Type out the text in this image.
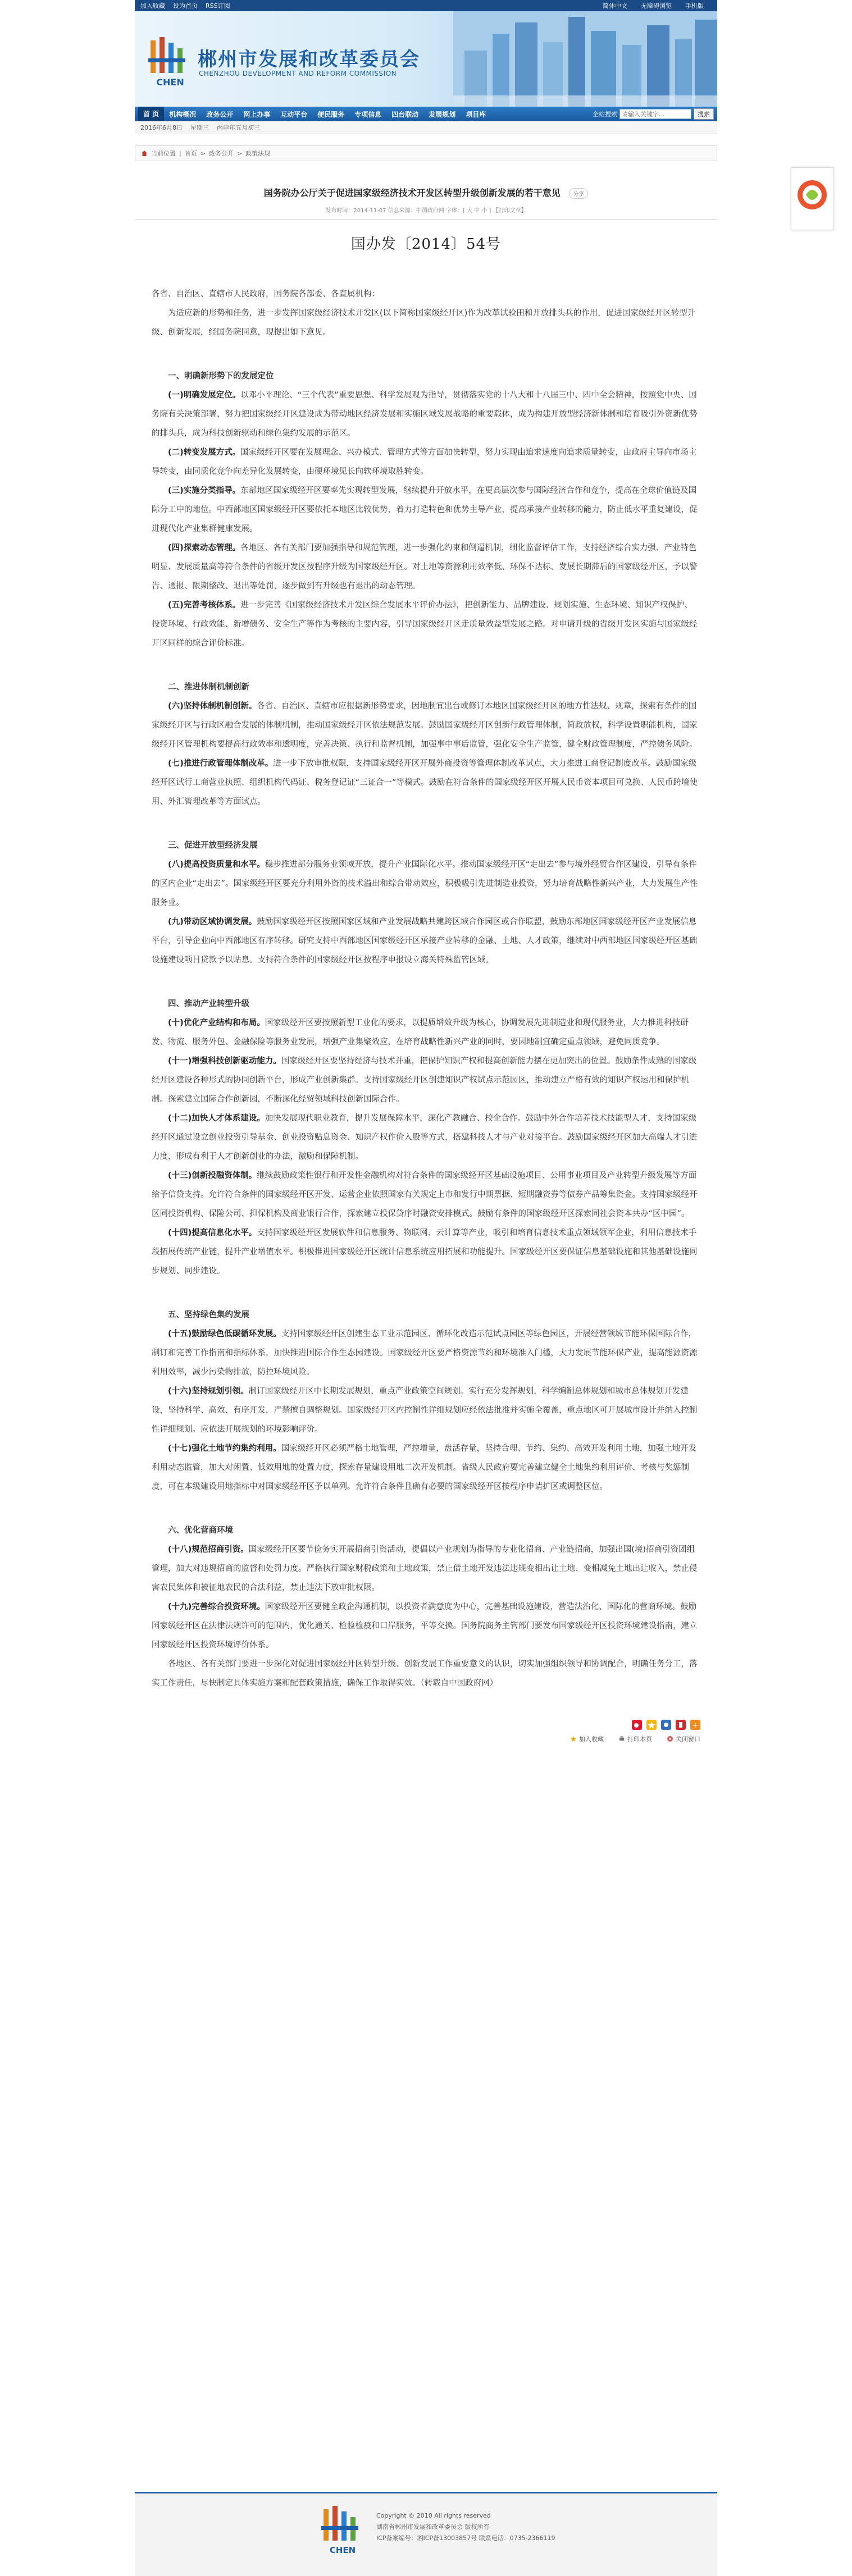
加入收藏 设为首页 RSS订阅	简体中文 无障碍浏览 手机版
CHEN
郴州市发展和改革委员会
CHENZHOU DEVELOPMENT AND REFORM COMMISSION
首 页	机构概况	政务公开	网上办事	互动平台	便民服务	专项信息	四台联动	发展规划	项目库	全站搜索
请输入关键字...	搜索
2016年6月8日 星期三 丙申年五月初三
当前位置 | 首页 > 政务公开 > 政策法规
国务院办公厅关于促进国家级经济技术开发区转型升级创新发展的若干意见 分享
发布时间：2014-11-07 信息来源：中国政府网 字体：[ 大 中 小 ] 【打印文章】
国办发〔2014〕54号

各省、自治区、直辖市人民政府，国务院各部委、各直属机构：

为适应新的形势和任务，进一步发挥国家级经济技术开发区(以下简称国家级经开区)作为改革试验田和开放排头兵的作用，促进国家级经开区转型升级、创新发展，经国务院同意，现提出如下意见。

一、明确新形势下的发展定位

(一)明确发展定位。以邓小平理论、“三个代表”重要思想、科学发展观为指导，贯彻落实党的十八大和十八届三中、四中全会精神，按照党中央、国务院有关决策部署，努力把国家级经开区建设成为带动地区经济发展和实施区域发展战略的重要载体，成为构建开放型经济新体制和培育吸引外资新优势的排头兵，成为科技创新驱动和绿色集约发展的示范区。

(二)转变发展方式。国家级经开区要在发展理念、兴办模式、管理方式等方面加快转型，努力实现由追求速度向追求质量转变，由政府主导向市场主导转变，由同质化竞争向差异化发展转变，由硬环境见长向软环境取胜转变。

(三)实施分类指导。东部地区国家级经开区要率先实现转型发展，继续提升开放水平，在更高层次参与国际经济合作和竞争，提高在全球价值链及国际分工中的地位。中西部地区国家级经开区要依托本地区比较优势，着力打造特色和优势主导产业，提高承接产业转移的能力，防止低水平重复建设，促进现代化产业集群健康发展。

(四)探索动态管理。各地区、各有关部门要加强指导和规范管理，进一步强化约束和倒逼机制，细化监督评估工作，支持经济综合实力强、产业特色明显、发展质量高等符合条件的省级开发区按程序升级为国家级经开区。对土地等资源利用效率低、环保不达标、发展长期滞后的国家级经开区，予以警告、通报、限期整改、退出等处罚，逐步做到有升级也有退出的动态管理。

(五)完善考核体系。进一步完善《国家级经济技术开发区综合发展水平评价办法》，把创新能力、品牌建设、规划实施、生态环境、知识产权保护、投资环境、行政效能、新增债务、安全生产等作为考核的主要内容，引导国家级经开区走质量效益型发展之路。对申请升级的省级开发区实施与国家级经开区同样的综合评价标准。

二、推进体制机制创新

(六)坚持体制机制创新。各省、自治区、直辖市应根据新形势要求，因地制宜出台或修订本地区国家级经开区的地方性法规、规章，探索有条件的国家级经开区与行政区融合发展的体制机制，推动国家级经开区依法规范发展。鼓励国家级经开区创新行政管理体制，简政放权，科学设置职能机构，国家级经开区管理机构要提高行政效率和透明度，完善决策、执行和监督机制，加强事中事后监管，强化安全生产监管，健全财政管理制度，严控债务风险。

(七)推进行政管理体制改革。进一步下放审批权限，支持国家级经开区开展外商投资等管理体制改革试点，大力推进工商登记制度改革。鼓励国家级经开区试行工商营业执照、组织机构代码证、税务登记证“三证合一”等模式。鼓励在符合条件的国家级经开区开展人民币资本项目可兑换、人民币跨境使用、外汇管理改革等方面试点。

三、促进开放型经济发展

(八)提高投资质量和水平。稳步推进部分服务业领域开放，提升产业国际化水平。推动国家级经开区“走出去”参与境外经贸合作区建设，引导有条件的区内企业“走出去”。国家级经开区要充分利用外资的技术溢出和综合带动效应，积极吸引先进制造业投资，努力培育战略性新兴产业，大力发展生产性服务业。

(九)带动区域协调发展。鼓励国家级经开区按照国家区域和产业发展战略共建跨区域合作园区或合作联盟，鼓励东部地区国家级经开区产业发展信息平台，引导企业向中西部地区有序转移。研究支持中西部地区国家级经开区承接产业转移的金融、土地、人才政策，继续对中西部地区国家级经开区基础设施建设项目贷款予以贴息。支持符合条件的国家级经开区按程序申报设立海关特殊监管区域。

四、推动产业转型升级

(十)优化产业结构和布局。国家级经开区要按照新型工业化的要求，以提质增效升级为核心，协调发展先进制造业和现代服务业，大力推进科技研发、物流、服务外包、金融保险等服务业发展，增强产业集聚效应，在培育战略性新兴产业的同时，要因地制宜确定重点领域，避免同质竞争。

(十一)增强科技创新驱动能力。国家级经开区要坚持经济与技术并重，把保护知识产权和提高创新能力摆在更加突出的位置。鼓励条件成熟的国家级经开区建设各种形式的协同创新平台，形成产业创新集群。支持国家级经开区创建知识产权试点示范园区，推动建立严格有效的知识产权运用和保护机制。探索建立国际合作创新园，不断深化经贸领域科技创新国际合作。

(十二)加快人才体系建设。加快发展现代职业教育，提升发展保障水平，深化产教融合、校企合作。鼓励中外合作培养技术技能型人才，支持国家级经开区通过设立创业投资引导基金、创业投资贴息资金、知识产权作价入股等方式，搭建科技人才与产业对接平台。鼓励国家级经开区加大高端人才引进力度，形成有利于人才创新创业的办法，激励和保障机制。

(十三)创新投融资体制。继续鼓励政策性银行和开发性金融机构对符合条件的国家级经开区基础设施项目、公用事业项目及产业转型升级发展等方面给予信贷支持。允许符合条件的国家级经开区开发、运营企业依照国家有关规定上市和发行中期票据、短期融资券等债券产品筹集资金。支持国家级经开区同投资机构、保险公司、担保机构及商业银行合作，探索建立投保贷序时融资安排模式。鼓励有条件的国家级经开区探索同社会资本共办“区中园”。

(十四)提高信息化水平。支持国家级经开区发展软件和信息服务、物联网、云计算等产业，吸引和培育信息技术重点领域领军企业，利用信息技术手段拓展传统产业链，提升产业增值水平。积极推进国家级经开区统计信息系统应用拓展和功能提升。国家级经开区要保证信息基础设施和其他基础设施同步规划、同步建设。

五、坚持绿色集约发展

(十五)鼓励绿色低碳循环发展。支持国家级经开区创建生态工业示范园区、循环化改造示范试点园区等绿色园区，开展经营领域节能环保国际合作，制订和完善工作指南和指标体系，加快推进国际合作生态园建设。国家级经开区要严格资源节约和环境准入门槛，大力发展节能环保产业，提高能源资源利用效率，减少污染物排放，防控环境风险。

(十六)坚持规划引领。制订国家级经开区中长期发展规划，重点产业政策空间规划。实行充分发挥规划，科学编制总体规划和城市总体规划开发建设，坚持科学、高效、有序开发，严禁擅自调整规划。国家级经开区内控制性详细规划应经依法批准并实施全覆盖，重点地区可开展城市设计并纳入控制性详细规划。应依法开展规划的环境影响评价。

(十七)强化土地节约集约利用。国家级经开区必须严格土地管理，严控增量，盘活存量，坚持合理、节约、集约、高效开发利用土地，加强土地开发利用动态监管，加大对闲置、低效用地的处置力度，探索存量建设用地二次开发机制。省级人民政府要完善建立健全土地集约利用评价、考核与奖惩制度，可在本级建设用地指标中对国家级经开区予以单列。允许符合条件且确有必要的国家级经开区按程序申请扩区或调整区位。

六、优化营商环境

(十八)规范招商引资。国家级经开区要节俭务实开展招商引资活动，提倡以产业规划为指导的专业化招商、产业链招商，加强出国(境)招商引资团组管理，加大对违规招商的监督和处罚力度。严格执行国家财税政策和土地政策，禁止借土地开发违法违规变相出让土地、变相减免土地出让收入，禁止侵害农民集体和被征地农民的合法利益，禁止违法下放审批权限。

(十九)完善综合投资环境。国家级经开区要健全政企沟通机制，以投资者满意度为中心，完善基础设施建设，营造法治化、国际化的营商环境。鼓励国家级经开区在法律法规许可的范围内，优化通关、检验检疫和口岸服务，平等交换。国务院商务主管部门要发布国家级经开区投资环境建设指南，建立国家级经开区投资环境评价体系。

各地区、各有关部门要进一步深化对促进国家级经开区转型升级、创新发展工作重要意义的认识，切实加强组织领导和协调配合，明确任务分工，落实工作责任，尽快制定具体实施方案和配套政策措施，确保工作取得实效。（转载自中国政府网）

+
加入收藏	打印本页	关闭窗口
CHEN
Copyright © 2010 All rights reserved
湖南省郴州市发展和改革委员会 版权所有
ICP备案编号：湘ICP备13003857号 联系电话：0735-2366119
